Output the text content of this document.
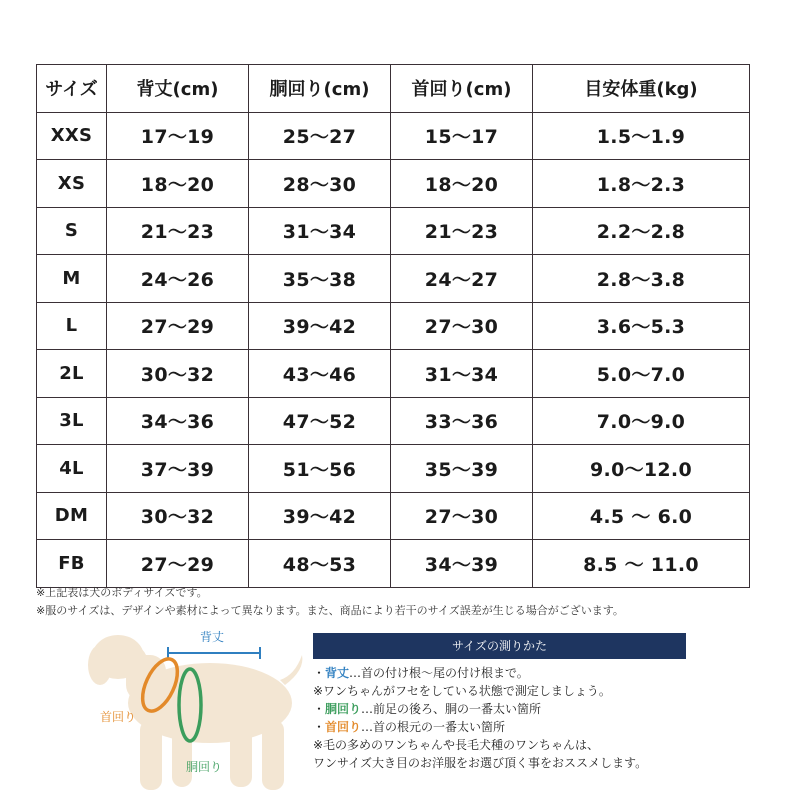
サイズ	背丈(cm)	胴回り(cm)	首回り(cm)	目安体重(kg)
XXS	17〜19	25〜27	15〜17	1.5〜1.9
XS	18〜20	28〜30	18〜20	1.8〜2.3
S	21〜23	31〜34	21〜23	2.2〜2.8
M	24〜26	35〜38	24〜27	2.8〜3.8
L	27〜29	39〜42	27〜30	3.6〜5.3
2L	30〜32	43〜46	31〜34	5.0〜7.0
3L	34〜36	47〜52	33〜36	7.0〜9.0
4L	37〜39	51〜56	35〜39	9.0〜12.0
DM	30〜32	39〜42	27〜30	4.5 〜 6.0
FB	27〜29	48〜53	34〜39	8.5 〜 11.0
※上記表は犬のボディサイズです。
※服のサイズは、デザインや素材によって異なります。また、商品により若干のサイズ誤差が生じる場合がございます。
背丈
首回り
胴回り
サイズの測りかた
・背丈…首の付け根〜尾の付け根まで。
※ワンちゃんがフセをしている状態で測定しましょう。
・胴回り…前足の後ろ、胴の一番太い箇所
・首回り…首の根元の一番太い箇所
※毛の多めのワンちゃんや長毛犬種のワンちゃんは、
ワンサイズ大き目のお洋服をお選び頂く事をおススメします。
